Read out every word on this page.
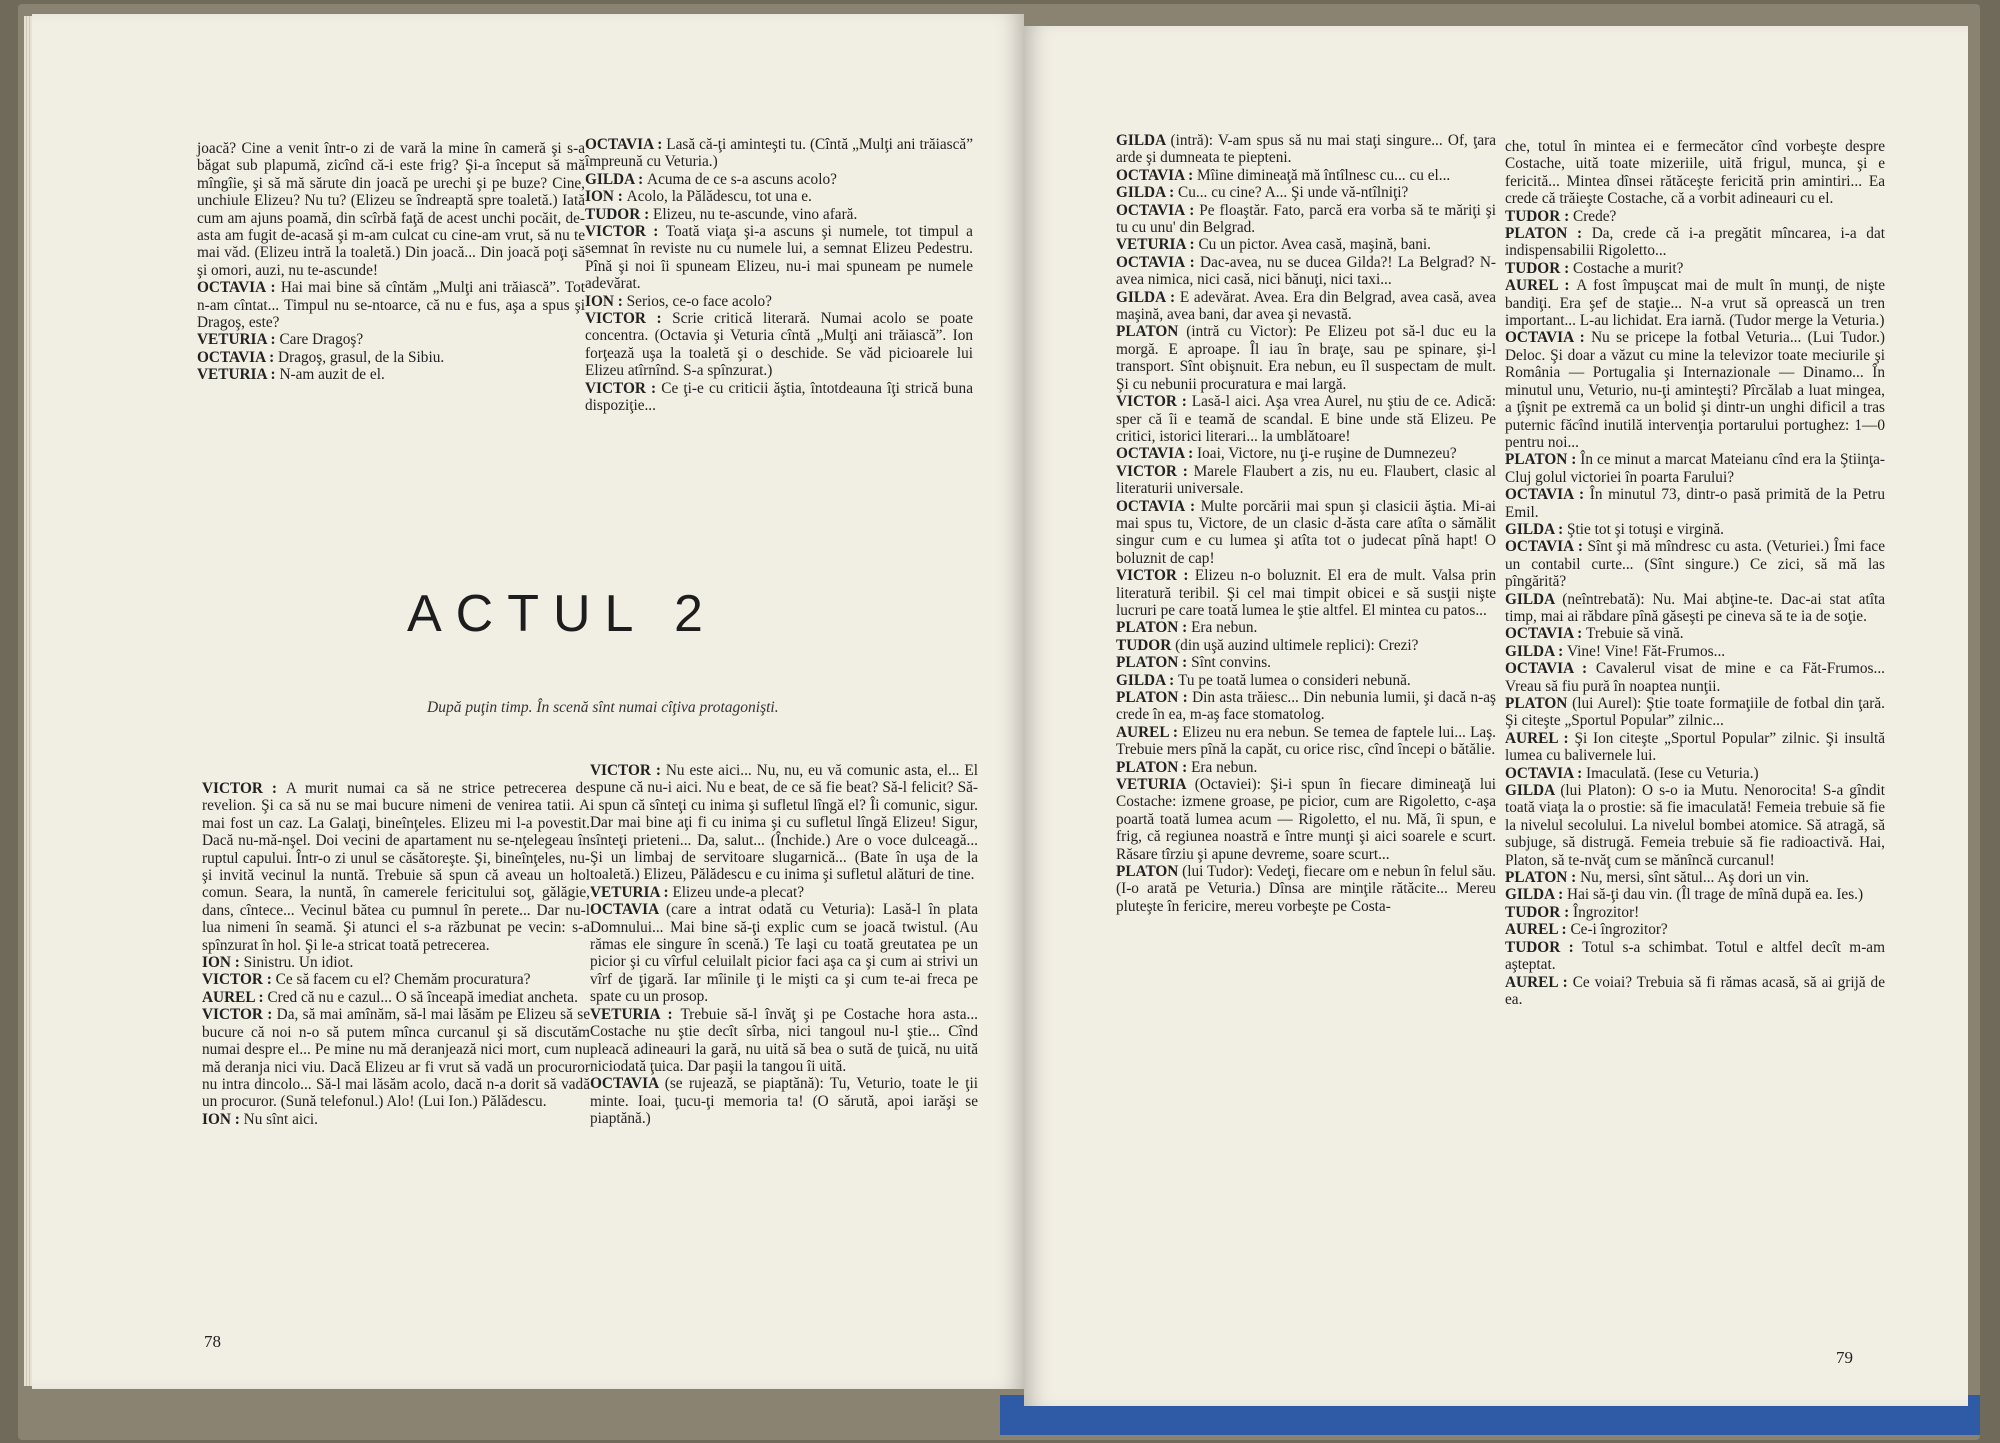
joacă? Cine a venit într-o zi de vară la mine în cameră şi s-a băgat sub plapumă, zicînd că-i este frig? Şi-a început să mă mîngîie, şi să mă sărute din joacă pe urechi şi pe buze? Cine, unchiule Elizeu? Nu tu? (Elizeu se îndreaptă spre toaletă.) Iată cum am ajuns poamă, din scîrbă faţă de acest unchi pocăit, de-asta am fugit de-acasă şi m-am culcat cu cine-am vrut, să nu te mai văd. (Elizeu intră la toaletă.) Din joacă... Din joacă poţi să şi omori, auzi, nu te-ascunde!

OCTAVIA : Hai mai bine să cîntăm „Mulţi ani trăiască”. Tot n-am cîntat... Timpul nu se-ntoarce, că nu e fus, aşa a spus şi Dragoş, este?

VETURIA : Care Dragoş?

OCTAVIA : Dragoş, grasul, de la Sibiu.

VETURIA : N-am auzit de el.

OCTAVIA : Lasă că-ţi aminteşti tu. (Cîntă „Mulţi ani trăiască” împreună cu Veturia.)

GILDA : Acuma de ce s-a ascuns acolo?

ION : Acolo, la Pălădescu, tot una e.

TUDOR : Elizeu, nu te-ascunde, vino afară.

VICTOR : Toată viaţa şi-a ascuns şi numele, tot timpul a semnat în reviste nu cu numele lui, a semnat Elizeu Pedestru. Pînă şi noi îi spuneam Elizeu, nu-i mai spuneam pe numele adevărat.

ION : Serios, ce-o face acolo?

VICTOR : Scrie critică literară. Numai acolo se poate concentra. (Octavia şi Veturia cîntă „Mulţi ani trăiască”. Ion forţează uşa la toaletă şi o deschide. Se văd picioarele lui Elizeu atîrnînd. S-a spînzurat.)

VICTOR : Ce ţi-e cu criticii ăştia, întotdeauna îţi strică buna dispoziţie...

ACTUL 2
După puţin timp. În scenă sînt numai cîţiva protagonişti.

VICTOR : A murit numai ca să ne strice petrecerea de revelion. Şi ca să nu se mai bucure nimeni de venirea tatii. A mai fost un caz. La Galaţi, bineînţeles. Elizeu mi l-a povestit. Dacă nu-mă-nşel. Doi vecini de apartament nu se-nţelegeau în ruptul capului. Într-o zi unul se căsătoreşte. Şi, bineînţeles, nu-şi invită vecinul la nuntă. Trebuie să spun că aveau un hol comun. Seara, la nuntă, în camerele fericitului soţ, gălăgie, dans, cîntece... Vecinul bătea cu pumnul în perete... Dar nu-l lua nimeni în seamă. Şi atunci el s-a răzbunat pe vecin: s-a spînzurat în hol. Şi le-a stricat toată petrecerea.

ION : Sinistru. Un idiot.

VICTOR : Ce să facem cu el? Chemăm procuratura?

AUREL : Cred că nu e cazul... O să înceapă imediat ancheta.

VICTOR : Da, să mai amînăm, să-l mai lăsăm pe Elizeu să se bucure că noi n-o să putem mînca curcanul şi să discutăm numai despre el... Pe mine nu mă deranjează nici mort, cum nu mă deranja nici viu. Dacă Elizeu ar fi vrut să vadă un procuror nu intra dincolo... Să-l mai lăsăm acolo, dacă n-a dorit să vadă un procuror. (Sună telefonul.) Alo! (Lui Ion.) Pălădescu.

ION : Nu sînt aici.

VICTOR : Nu este aici... Nu, nu, eu vă comunic asta, el... El spune că nu-i aici. Nu e beat, de ce să fie beat? Să-l felicit? Să-i spun că sînteţi cu inima şi sufletul lîngă el? Îi comunic, sigur. Dar mai bine aţi fi cu inima şi cu sufletul lîngă Elizeu! Sigur, sînteţi prieteni... Da, salut... (Închide.) Are o voce dulceagă... Şi un limbaj de servitoare slugarnică... (Bate în uşa de la toaletă.) Elizeu, Pălădescu e cu inima şi sufletul alături de tine.

VETURIA : Elizeu unde-a plecat?

OCTAVIA (care a intrat odată cu Veturia): Lasă-l în plata Domnului... Mai bine să-ţi explic cum se joacă twistul. (Au rămas ele singure în scenă.) Te laşi cu toată greutatea pe un picior şi cu vîrful celuilalt picior faci aşa ca şi cum ai strivi un vîrf de ţigară. Iar mîinile ţi le mişti ca şi cum te-ai freca pe spate cu un prosop.

VETURIA : Trebuie să-l învăţ şi pe Costache hora asta... Costache nu ştie decît sîrba, nici tangoul nu-l ştie... Cînd pleacă adineauri la gară, nu uită să bea o sută de ţuică, nu uită niciodată ţuica. Dar paşii la tangou îi uită.

OCTAVIA (se rujează, se piaptănă): Tu, Veturio, toate le ţii minte. Ioai, ţucu-ţi memoria ta! (O sărută, apoi iarăşi se piaptănă.)

78

GILDA (intră): V-am spus să nu mai staţi singure... Of, ţara arde şi dumneata te piepteni.

OCTAVIA : Mîine dimineaţă mă întîlnesc cu... cu el...

GILDA : Cu... cu cine? A... Şi unde vă-ntîlniţi?

OCTAVIA : Pe floaştăr. Fato, parcă era vorba să te măriţi şi tu cu unu' din Belgrad.

VETURIA : Cu un pictor. Avea casă, maşină, bani.

OCTAVIA : Dac-avea, nu se ducea Gilda?! La Belgrad? N-avea nimica, nici casă, nici bănuţi, nici taxi...

GILDA : E adevărat. Avea. Era din Belgrad, avea casă, avea maşină, avea bani, dar avea şi nevastă.

PLATON (intră cu Victor): Pe Elizeu pot să-l duc eu la morgă. E aproape. Îl iau în braţe, sau pe spinare, şi-l transport. Sînt obişnuit. Era nebun, eu îl suspectam de mult. Şi cu nebunii procuratura e mai largă.

VICTOR : Lasă-l aici. Aşa vrea Aurel, nu ştiu de ce. Adică: sper că îi e teamă de scandal. E bine unde stă Elizeu. Pe critici, istorici literari... la umblătoare!

OCTAVIA : Ioai, Victore, nu ţi-e ruşine de Dumnezeu?

VICTOR : Marele Flaubert a zis, nu eu. Flaubert, clasic al literaturii universale.

OCTAVIA : Multe porcării mai spun şi clasicii ăştia. Mi-ai mai spus tu, Victore, de un clasic d-ăsta care atîta o sămălit singur cum e cu lumea şi atîta tot o judecat pînă hapt! O boluznit de cap!

VICTOR : Elizeu n-o boluznit. El era de mult. Valsa prin literatură teribil. Şi cel mai timpit obicei e să susţii nişte lucruri pe care toată lumea le ştie altfel. El mintea cu patos...

PLATON : Era nebun.

TUDOR (din uşă auzind ultimele replici): Crezi?

PLATON : Sînt convins.

GILDA : Tu pe toată lumea o consideri nebună.

PLATON : Din asta trăiesc... Din nebunia lumii, şi dacă n-aş crede în ea, m-aş face stomatolog.

AUREL : Elizeu nu era nebun. Se temea de faptele lui... Laş. Trebuie mers pînă la capăt, cu orice risc, cînd începi o bătălie.

PLATON : Era nebun.

VETURIA (Octaviei): Şi-i spun în fiecare dimineaţă lui Costache: izmene groase, pe picior, cum are Rigoletto, c-aşa poartă toată lumea acum — Rigoletto, el nu. Mă, îi spun, e frig, că regiunea noastră e între munţi şi aici soarele e scurt. Răsare tîrziu şi apune devreme, soare scurt...

PLATON (lui Tudor): Vedeţi, fiecare om e nebun în felul său. (I-o arată pe Veturia.) Dînsa are minţile rătăcite... Mereu pluteşte în fericire, mereu vorbeşte pe Costa-

che, totul în mintea ei e fermecător cînd vorbeşte despre Costache, uită toate mizeriile, uită frigul, munca, şi e fericită... Mintea dînsei rătăceşte fericită prin amintiri... Ea crede că trăieşte Costache, că a vorbit adineauri cu el.

TUDOR : Crede?

PLATON : Da, crede că i-a pregătit mîncarea, i-a dat indispensabilii Rigoletto...

TUDOR : Costache a murit?

AUREL : A fost împuşcat mai de mult în munţi, de nişte bandiţi. Era şef de staţie... N-a vrut să oprească un tren important... L-au lichidat. Era iarnă. (Tudor merge la Veturia.)

OCTAVIA : Nu se pricepe la fotbal Veturia... (Lui Tudor.) Deloc. Şi doar a văzut cu mine la televizor toate meciurile şi România — Portugalia şi Internazionale — Dinamo... În minutul unu, Veturio, nu-ţi aminteşti? Pîrcălab a luat mingea, a ţîşnit pe extremă ca un bolid şi dintr-un unghi dificil a tras puternic făcînd inutilă intervenţia portarului portughez: 1—0 pentru noi...

PLATON : În ce minut a marcat Mateianu cînd era la Ştiinţa-Cluj golul victoriei în poarta Farului?

OCTAVIA : În minutul 73, dintr-o pasă primită de la Petru Emil.

GILDA : Ştie tot şi totuşi e virgină.

OCTAVIA : Sînt şi mă mîndresc cu asta. (Veturiei.) Îmi face un contabil curte... (Sînt singure.) Ce zici, să mă las pîngărită?

GILDA (neîntrebată): Nu. Mai abţine-te. Dac-ai stat atîta timp, mai ai răbdare pînă găseşti pe cineva să te ia de soţie.

OCTAVIA : Trebuie să vină.

GILDA : Vine! Vine! Făt-Frumos...

OCTAVIA : Cavalerul visat de mine e ca Făt-Frumos... Vreau să fiu pură în noaptea nunţii.

PLATON (lui Aurel): Ştie toate formaţiile de fotbal din ţară. Şi citeşte „Sportul Popular” zilnic...

AUREL : Şi Ion citeşte „Sportul Popular” zilnic. Şi insultă lumea cu balivernele lui.

OCTAVIA : Imaculată. (Iese cu Veturia.)

GILDA (lui Platon): O s-o ia Mutu. Nenorocita! S-a gîndit toată viaţa la o prostie: să fie imaculată! Femeia trebuie să fie la nivelul secolului. La nivelul bombei atomice. Să atragă, să subjuge, să distrugă. Femeia trebuie să fie radioactivă. Hai, Platon, să te-nvăţ cum se mănîncă curcanul!

PLATON : Nu, mersi, sînt sătul... Aş dori un vin.

GILDA : Hai să-ţi dau vin. (Îl trage de mînă după ea. Ies.)

TUDOR : Îngrozitor!

AUREL : Ce-i îngrozitor?

TUDOR : Totul s-a schimbat. Totul e altfel decît m-am aşteptat.

AUREL : Ce voiai? Trebuia să fi rămas acasă, să ai grijă de ea.

79
